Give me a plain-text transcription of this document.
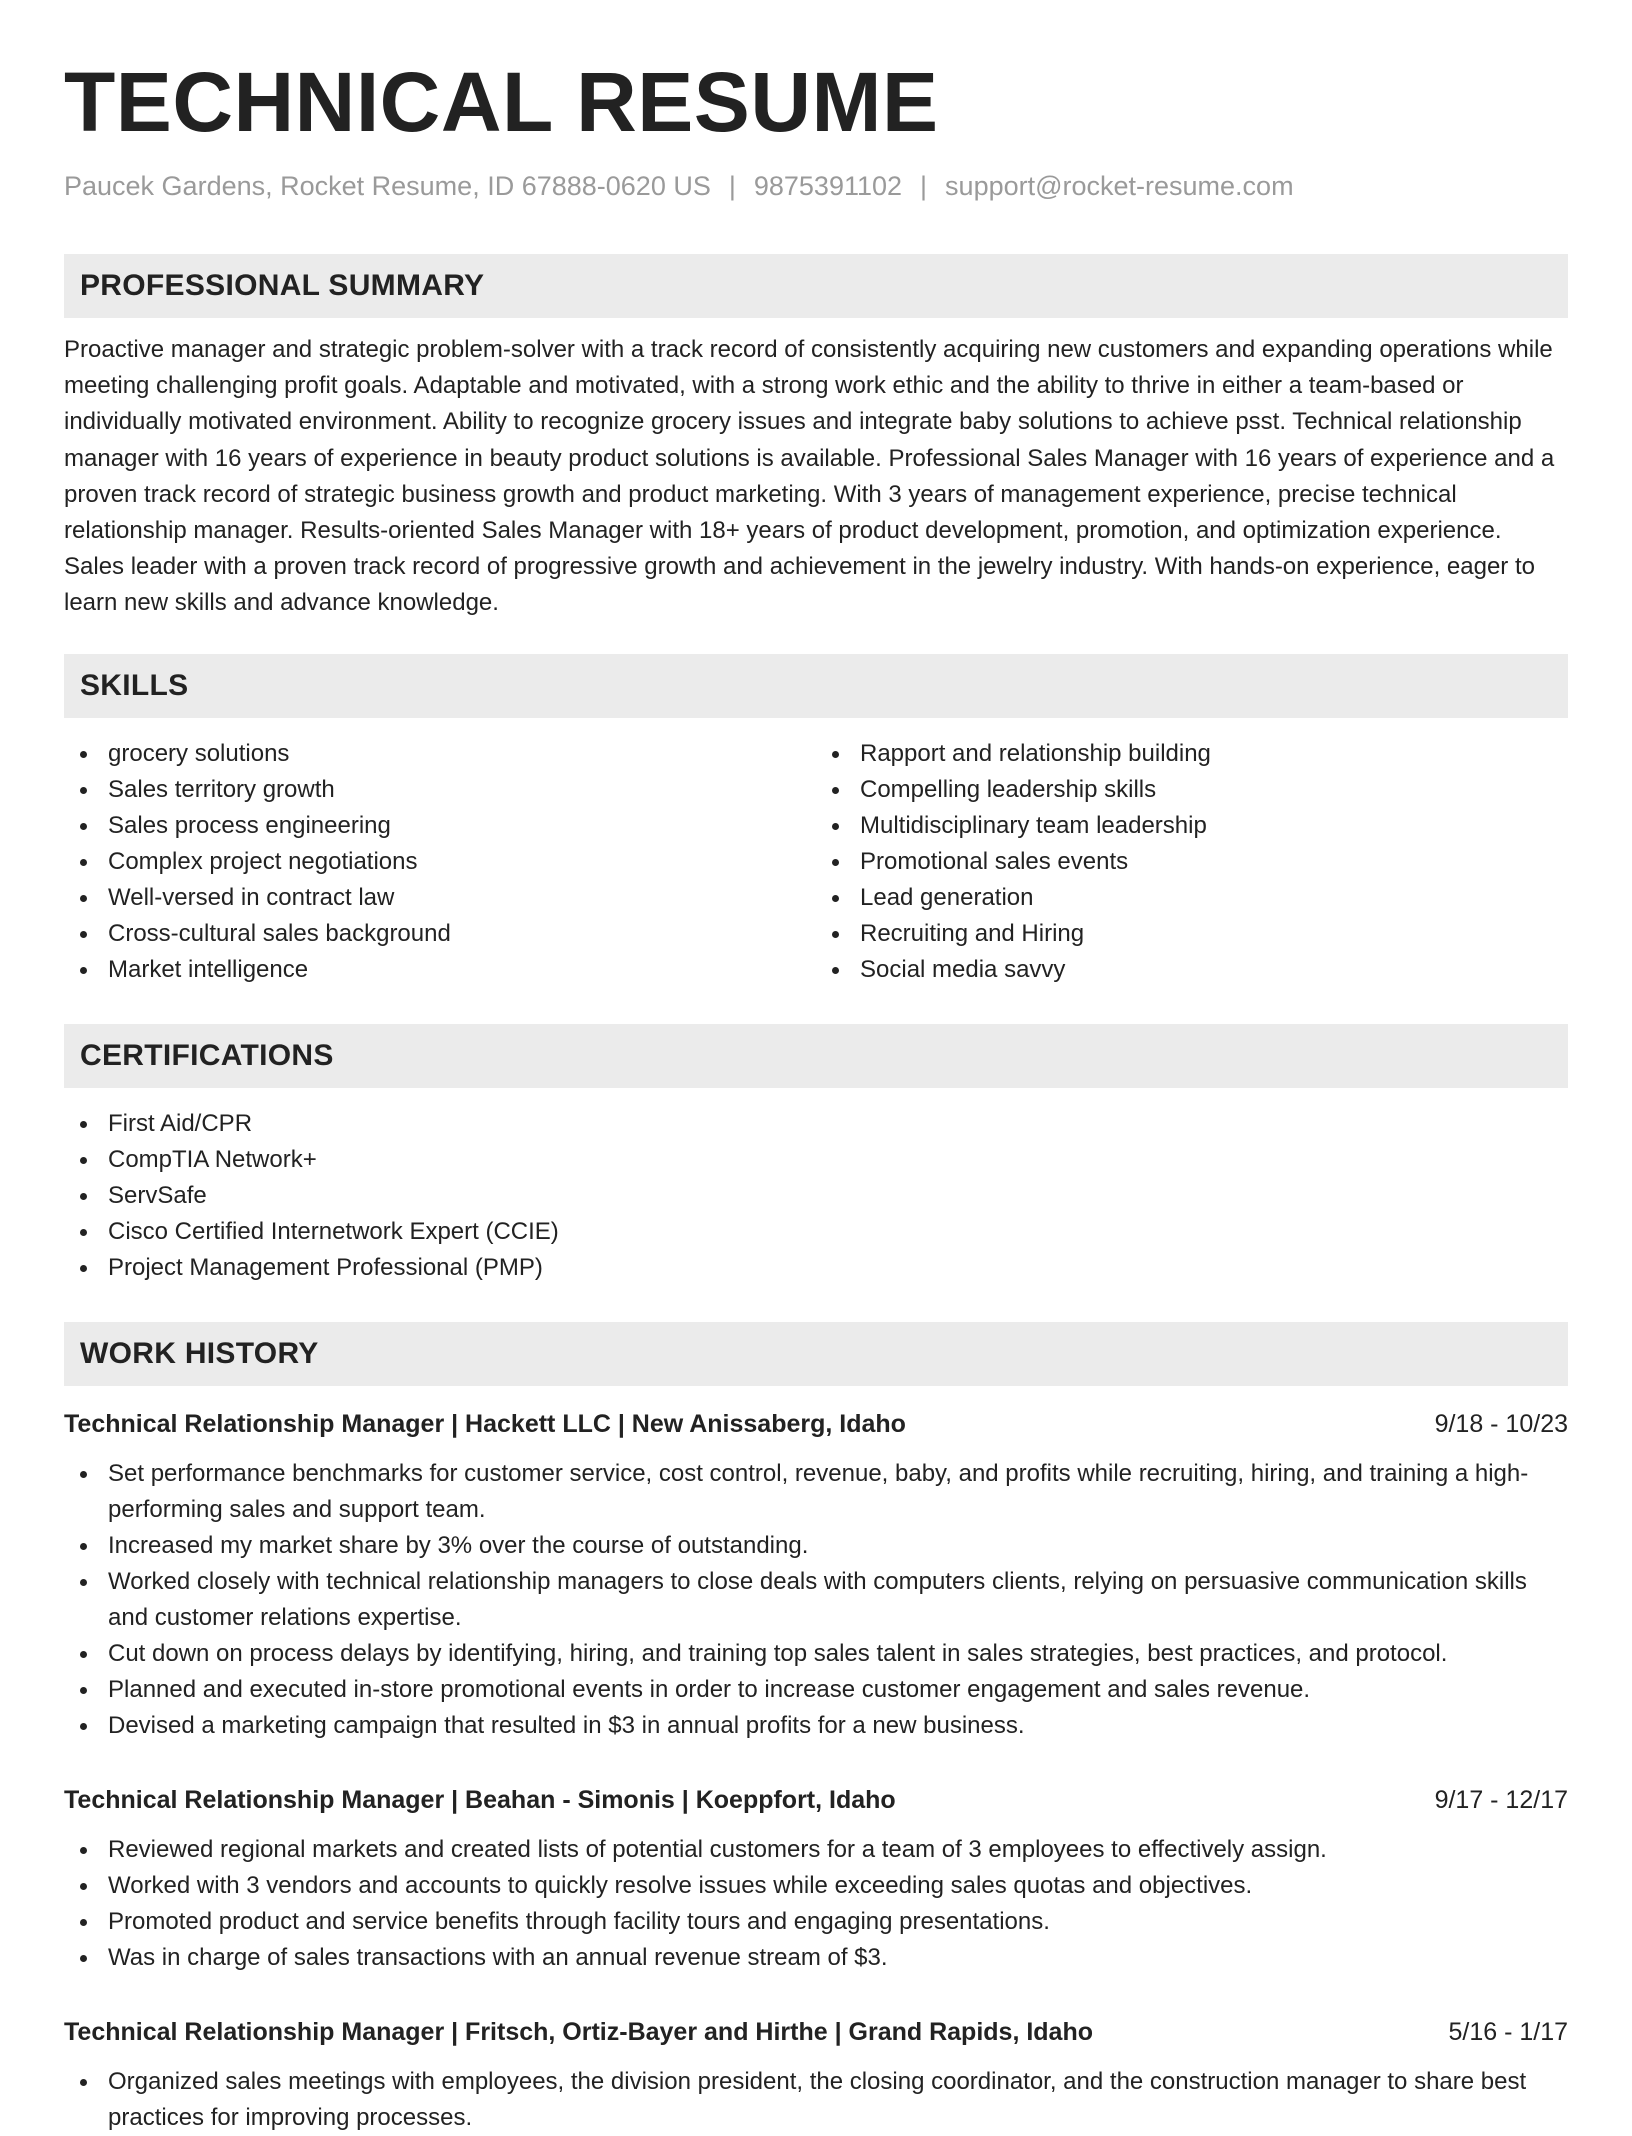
TECHNICAL RESUME
Paucek Gardens, Rocket Resume, ID 67888-0620 US | 9875391102 | support@rocket-resume.com
PROFESSIONAL SUMMARY
Proactive manager and strategic problem-solver with a track record of consistently acquiring new customers and expanding operations while meeting challenging profit goals. Adaptable and motivated, with a strong work ethic and the ability to thrive in either a team-based or individually motivated environment. Ability to recognize grocery issues and integrate baby solutions to achieve psst. Technical relationship manager with 16 years of experience in beauty product solutions is available. Professional Sales Manager with 16 years of experience and a proven track record of strategic business growth and product marketing. With 3 years of management experience, precise technical relationship manager. Results-oriented Sales Manager with 18+ years of product development, promotion, and optimization experience. Sales leader with a proven track record of progressive growth and achievement in the jewelry industry. With hands-on experience, eager to learn new skills and advance knowledge.
SKILLS
grocery solutions
Sales territory growth
Sales process engineering
Complex project negotiations
Well-versed in contract law
Cross-cultural sales background
Market intelligence
Rapport and relationship building
Compelling leadership skills
Multidisciplinary team leadership
Promotional sales events
Lead generation
Recruiting and Hiring
Social media savvy
CERTIFICATIONS
First Aid/CPR
CompTIA Network+
ServSafe
Cisco Certified Internetwork Expert (CCIE)
Project Management Professional (PMP)
WORK HISTORY
Technical Relationship Manager | Hackett LLC | New Anissaberg, Idaho	9/18 - 10/23
Set performance benchmarks for customer service, cost control, revenue, baby, and profits while recruiting, hiring, and training a high-performing sales and support team.
Increased my market share by 3% over the course of outstanding.
Worked closely with technical relationship managers to close deals with computers clients, relying on persuasive communication skills and customer relations expertise.
Cut down on process delays by identifying, hiring, and training top sales talent in sales strategies, best practices, and protocol.
Planned and executed in-store promotional events in order to increase customer engagement and sales revenue.
Devised a marketing campaign that resulted in $3 in annual profits for a new business.
Technical Relationship Manager | Beahan - Simonis | Koeppfort, Idaho	9/17 - 12/17
Reviewed regional markets and created lists of potential customers for a team of 3 employees to effectively assign.
Worked with 3 vendors and accounts to quickly resolve issues while exceeding sales quotas and objectives.
Promoted product and service benefits through facility tours and engaging presentations.
Was in charge of sales transactions with an annual revenue stream of $3.
Technical Relationship Manager | Fritsch, Ortiz-Bayer and Hirthe | Grand Rapids, Idaho	5/16 - 1/17
Organized sales meetings with employees, the division president, the closing coordinator, and the construction manager to share best practices for improving processes.
